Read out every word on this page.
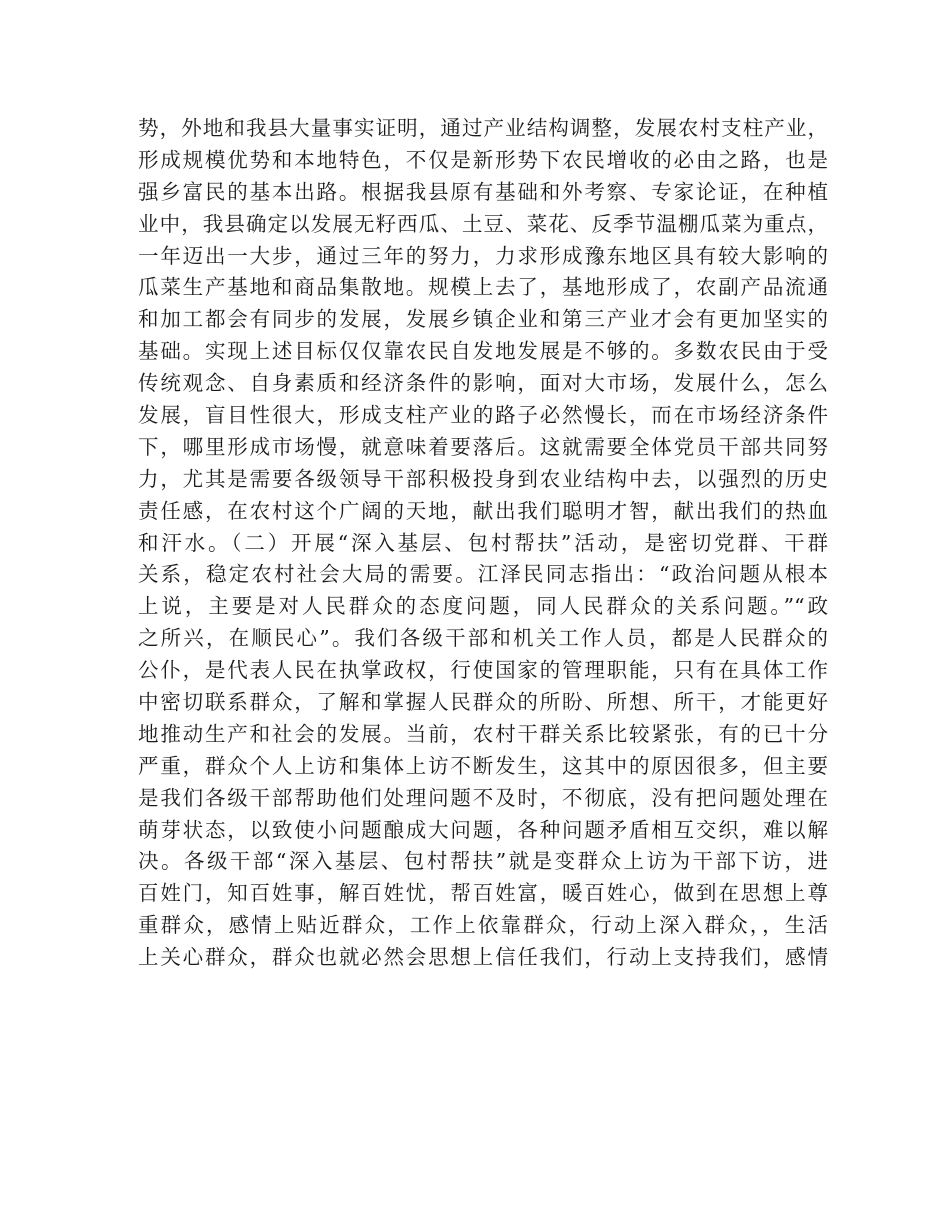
势，外地和我县大量事实证明，通过产业结构调整，发展农村支柱产业，
形成规模优势和本地特色，不仅是新形势下农民增收的必由之路，也是
强乡富民的基本出路。根据我县原有基础和外考察、专家论证，在种植
业中，我县确定以发展无籽西瓜、土豆、菜花、反季节温棚瓜菜为重点，
一年迈出一大步，通过三年的努力，力求形成豫东地区具有较大影响的
瓜菜生产基地和商品集散地。规模上去了，基地形成了，农副产品流通
和加工都会有同步的发展，发展乡镇企业和第三产业才会有更加坚实的
基础。实现上述目标仅仅靠农民自发地发展是不够的。多数农民由于受
传统观念、自身素质和经济条件的影响，面对大市场，发展什么，怎么
发展，盲目性很大，形成支柱产业的路子必然慢长，而在市场经济条件
下，哪里形成市场慢，就意味着要落后。这就需要全体党员干部共同努
力，尤其是需要各级领导干部积极投身到农业结构中去，以强烈的历史
责任感，在农村这个广阔的天地，献出我们聪明才智，献出我们的热血
和汗水。（二）开展“深入基层、包村帮扶”活动，是密切党群、干群
关系，稳定农村社会大局的需要。江泽民同志指出：“政治问题从根本
上说，主要是对人民群众的态度问题，同人民群众的关系问题。”“政
之所兴，在顺民心”。我们各级干部和机关工作人员，都是人民群众的
公仆，是代表人民在执掌政权，行使国家的管理职能，只有在具体工作
中密切联系群众，了解和掌握人民群众的所盼、所想、所干，才能更好
地推动生产和社会的发展。当前，农村干群关系比较紧张，有的已十分
严重，群众个人上访和集体上访不断发生，这其中的原因很多，但主要
是我们各级干部帮助他们处理问题不及时，不彻底，没有把问题处理在
萌芽状态，以致使小问题酿成大问题，各种问题矛盾相互交织，难以解
决。各级干部“深入基层、包村帮扶”就是变群众上访为干部下访，进
百姓门，知百姓事，解百姓忧，帮百姓富，暖百姓心，做到在思想上尊
重群众，感情上贴近群众，工作上依靠群众，行动上深入群众，，生活
上关心群众，群众也就必然会思想上信任我们，行动上支持我们，感情
